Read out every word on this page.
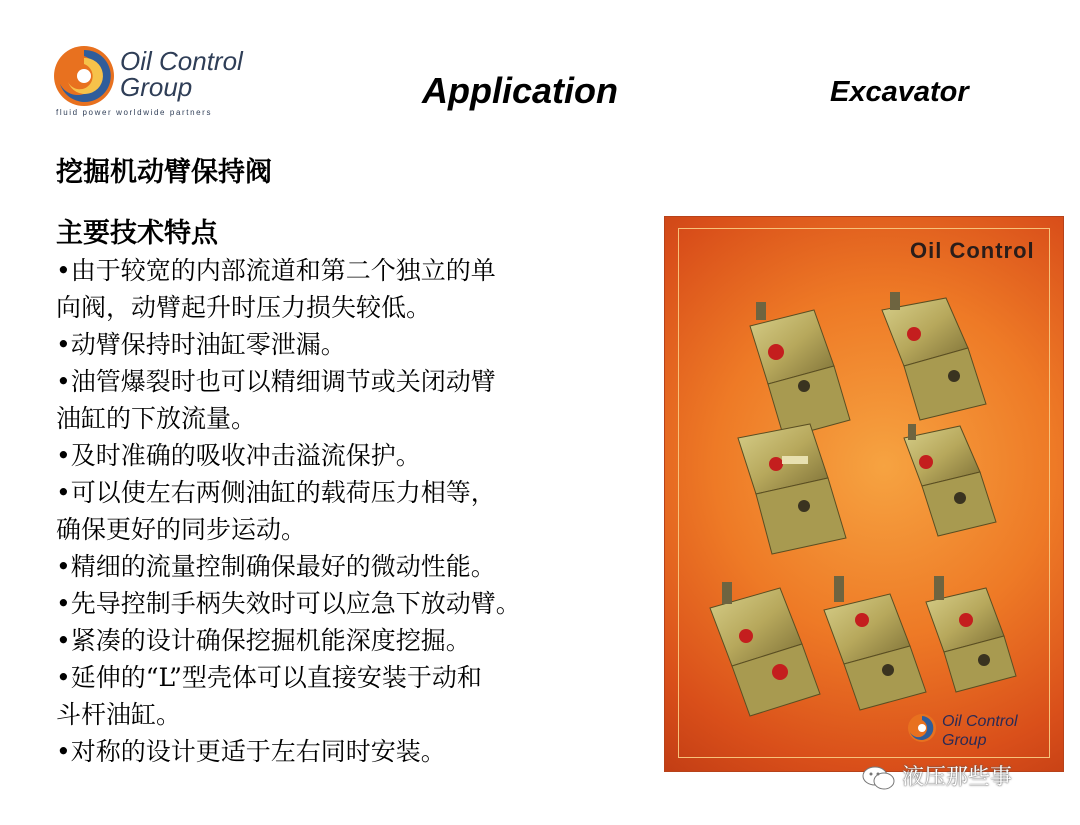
Oil Control
Group
fluid power worldwide partners
Application	Excavator
挖掘机动臂保持阀
主要技术特点

•由于较宽的内部流道和第二个独立的单

向阀，动臂起升时压力损失较低。

•动臂保持时油缸零泄漏。

•油管爆裂时也可以精细调节或关闭动臂

油缸的下放流量。

•及时准确的吸收冲击溢流保护。

•可以使左右两侧油缸的载荷压力相等，

确保更好的同步运动。

•精细的流量控制确保最好的微动性能。

•先导控制手柄失效时可以应急下放动臂。

•紧凑的设计确保挖掘机能深度挖掘。

•延伸的“L”型壳体可以直接安装于动和

斗杆油缸。

•对称的设计更适于左右同时安装。

Oil Control
Oil Control
Group
液压那些事
